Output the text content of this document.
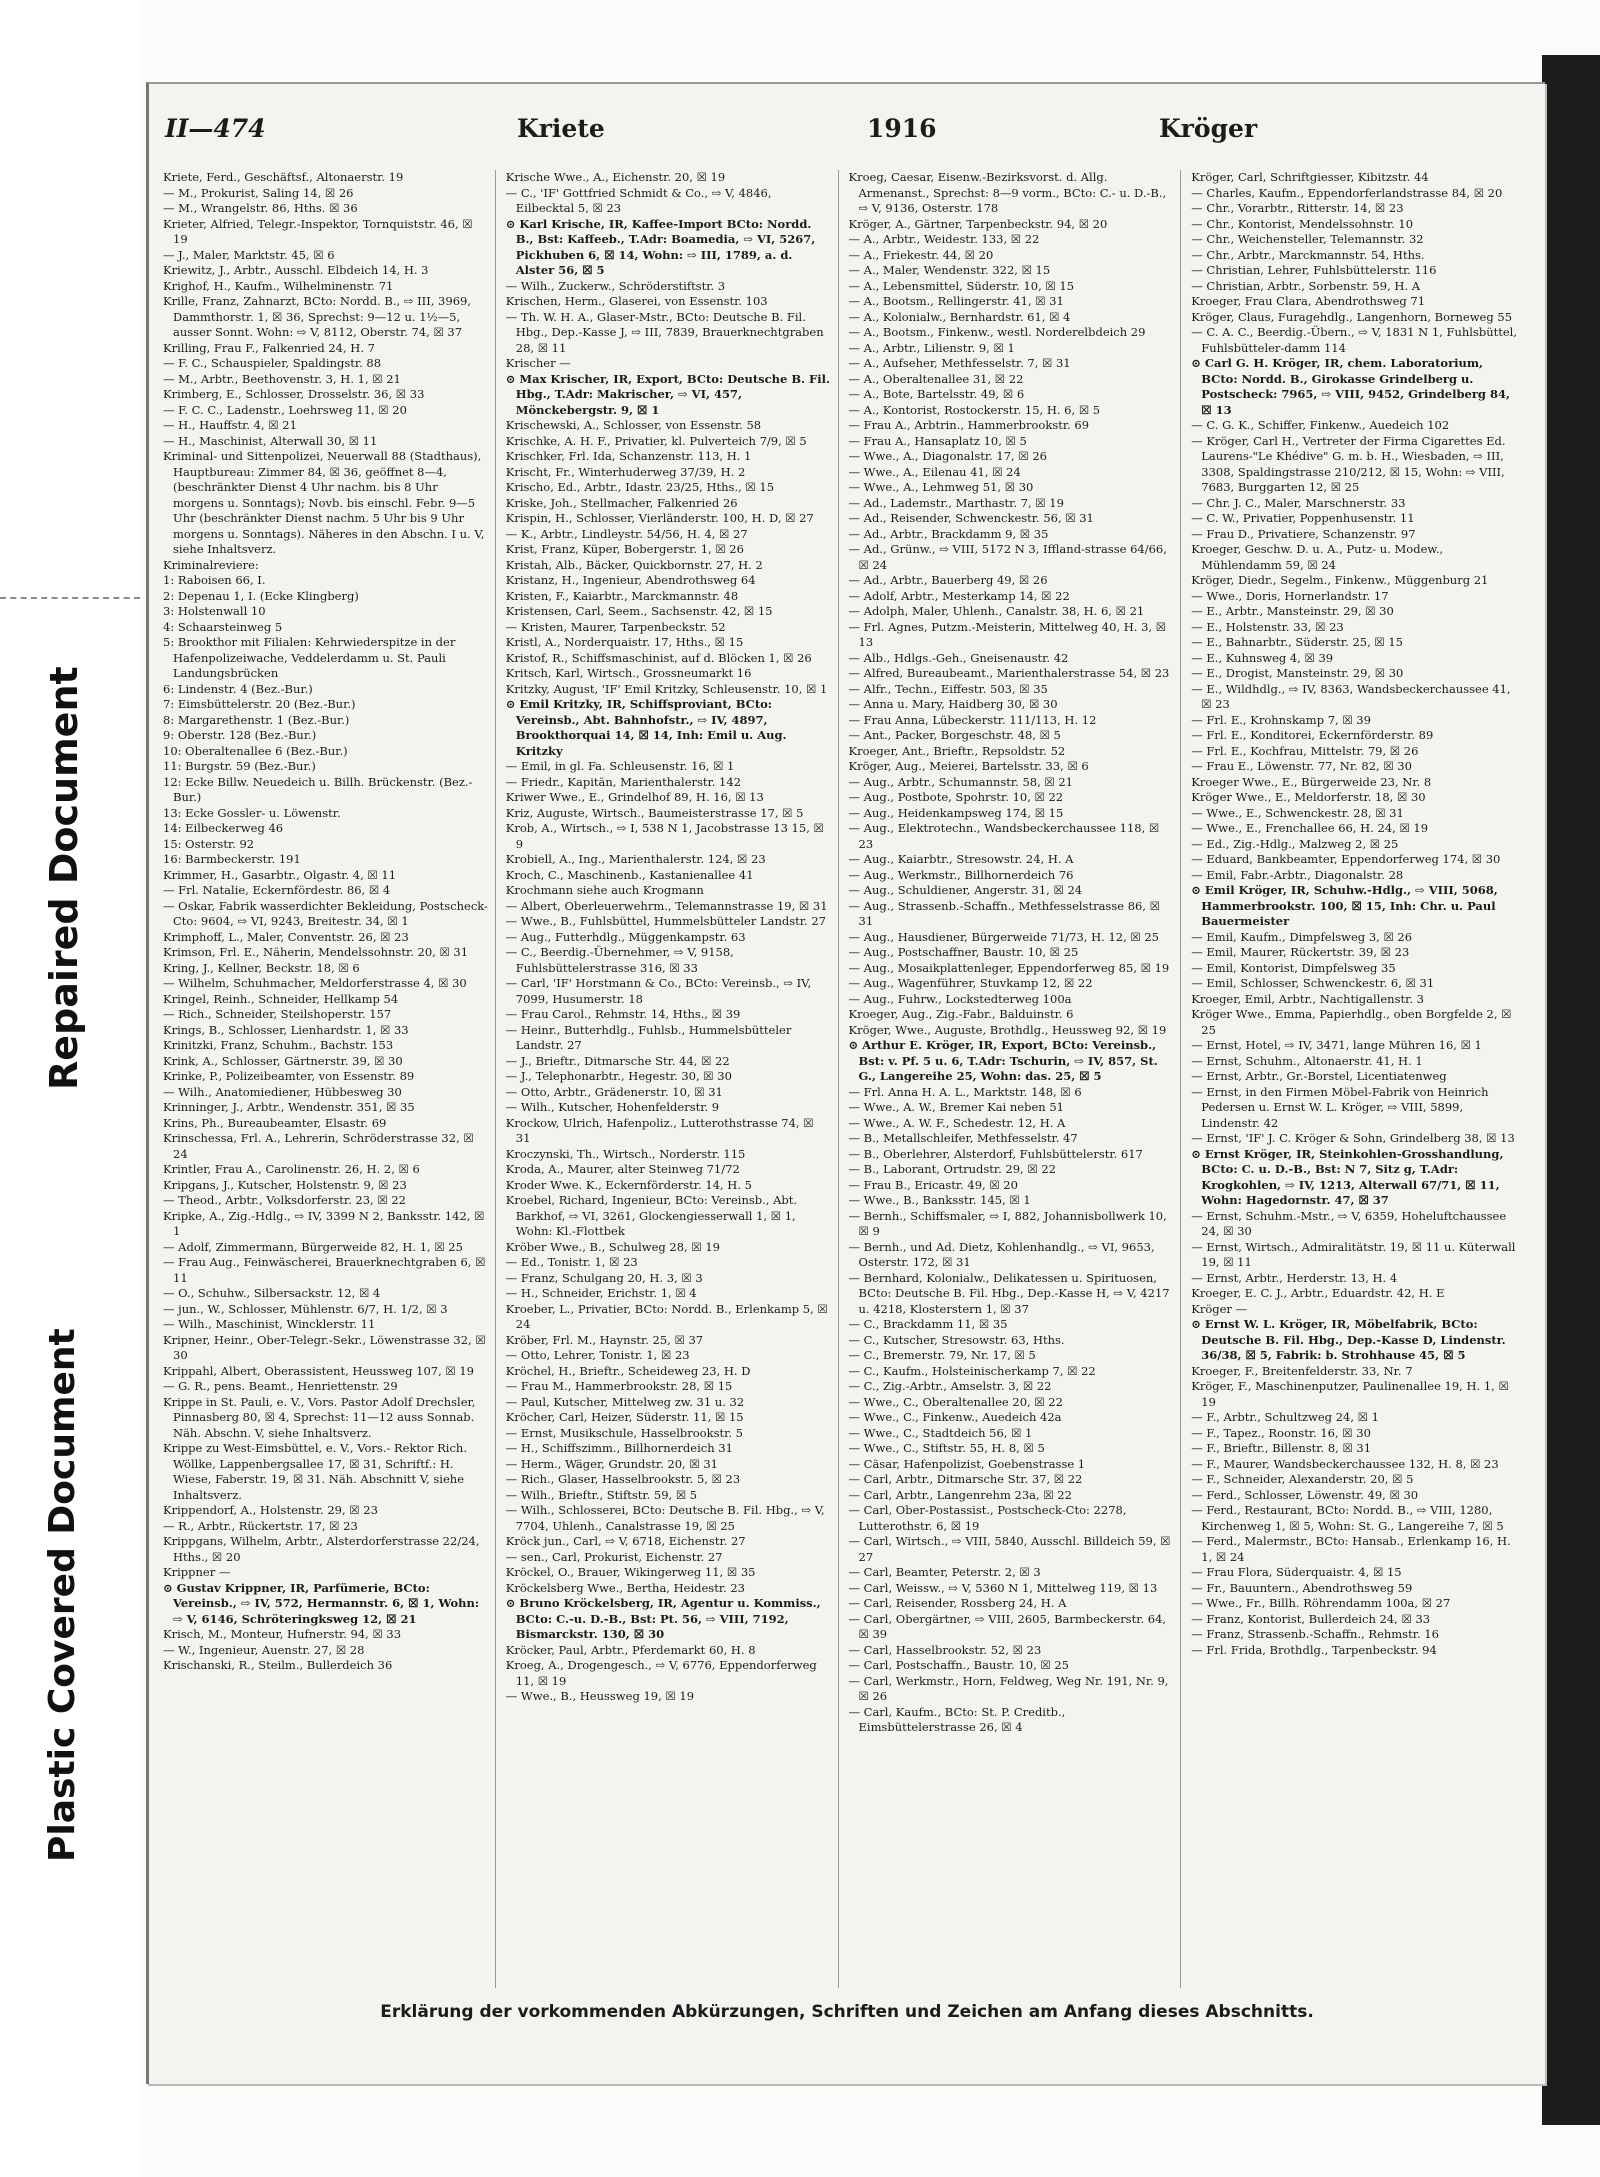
Repaired Document
Plastic Covered Document
II—474	Kriete	1916	Kröger

Kriete, Ferd., Geschäftsf., Altonaerstr. 19

— M., Prokurist, Saling 14, ☒ 26

— M., Wrangelstr. 86, Hths. ☒ 36

Krieter, Alfried, Telegr.-Inspektor, Tornquiststr. 46, ☒ 19

— J., Maler, Marktstr. 45, ☒ 6

Kriewitz, J., Arbtr., Ausschl. Elbdeich 14, H. 3

Krighof, H., Kaufm., Wilhelminenstr. 71

Krille, Franz, Zahnarzt, BCto: Nordd. B., ⇨ III, 3969, Dammthorstr. 1, ☒ 36, Sprechst: 9—12 u. 1½—5, ausser Sonnt. Wohn: ⇨ V, 8112, Oberstr. 74, ☒ 37

Krilling, Frau F., Falkenried 24, H. 7

— F. C., Schauspieler, Spaldingstr. 88

— M., Arbtr., Beethovenstr. 3, H. 1, ☒ 21

Krimberg, E., Schlosser, Drosselstr. 36, ☒ 33

— F. C. C., Ladenstr., Loehrsweg 11, ☒ 20

— H., Hauffstr. 4, ☒ 21

— H., Maschinist, Alterwall 30, ☒ 11

Kriminal- und Sittenpolizei, Neuerwall 88 (Stadthaus), Hauptbureau: Zimmer 84, ☒ 36, geöffnet 8—4, (beschränkter Dienst 4 Uhr nachm. bis 8 Uhr morgens u. Sonntags); Novb. bis einschl. Febr. 9—5 Uhr (beschränkter Dienst nachm. 5 Uhr bis 9 Uhr morgens u. Sonntags). Näheres in den Abschn. I u. V, siehe Inhaltsverz.

Kriminalreviere:

1: Raboisen 66, I.

2: Depenau 1, I. (Ecke Klingberg)

3: Holstenwall 10

4: Schaarsteinweg 5

5: Brookthor mit Filialen: Kehrwiederspitze in der Hafenpolizeiwache, Veddelerdamm u. St. Pauli Landungsbrücken

6: Lindenstr. 4 (Bez.-Bur.)

7: Eimsbüttelerstr. 20 (Bez.-Bur.)

8: Margarethenstr. 1 (Bez.-Bur.)

9: Oberstr. 128 (Bez.-Bur.)

10: Oberaltenallee 6 (Bez.-Bur.)

11: Burgstr. 59 (Bez.-Bur.)

12: Ecke Billw. Neuedeich u. Billh. Brückenstr. (Bez.-Bur.)

13: Ecke Gossler- u. Löwenstr.

14: Eilbeckerweg 46

15: Osterstr. 92

16: Barmbeckerstr. 191

Krimmer, H., Gasarbtr., Olgastr. 4, ☒ 11

— Frl. Natalie, Eckernfördestr. 86, ☒ 4

— Oskar, Fabrik wasserdichter Bekleidung, Postscheck-Cto: 9604, ⇨ VI, 9243, Breitestr. 34, ☒ 1

Krimphoff, L., Maler, Conventstr. 26, ☒ 23

Krimson, Frl. E., Näherin, Mendelssohnstr. 20, ☒ 31

Kring, J., Kellner, Beckstr. 18, ☒ 6

— Wilhelm, Schuhmacher, Meldorferstrasse 4, ☒ 30

Kringel, Reinh., Schneider, Hellkamp 54

— Rich., Schneider, Steilshoperstr. 157

Krings, B., Schlosser, Lienhardstr. 1, ☒ 33

Krinitzki, Franz, Schuhm., Bachstr. 153

Krink, A., Schlosser, Gärtnerstr. 39, ☒ 30

Krinke, P., Polizeibeamter, von Essenstr. 89

— Wilh., Anatomiediener, Hübbesweg 30

Krinninger, J., Arbtr., Wendenstr. 351, ☒ 35

Krins, Ph., Bureaubeamter, Elsastr. 69

Krinschessa, Frl. A., Lehrerin, Schröderstrasse 32, ☒ 24

Krintler, Frau A., Carolinenstr. 26, H. 2, ☒ 6

Kripgans, J., Kutscher, Holstenstr. 9, ☒ 23

— Theod., Arbtr., Volksdorferstr. 23, ☒ 22

Kripke, A., Zig.-Hdlg., ⇨ IV, 3399 N 2, Banksstr. 142, ☒ 1

— Adolf, Zimmermann, Bürgerweide 82, H. 1, ☒ 25

— Frau Aug., Feinwäscherei, Brauerknechtgraben 6, ☒ 11

— O., Schuhw., Silbersackstr. 12, ☒ 4

— jun., W., Schlosser, Mühlenstr. 6/7, H. 1/2, ☒ 3

— Wilh., Maschinist, Wincklerstr. 11

Kripner, Heinr., Ober-Telegr.-Sekr., Löwenstrasse 32, ☒ 30

Krippahl, Albert, Oberassistent, Heussweg 107, ☒ 19

— G. R., pens. Beamt., Henriettenstr. 29

Krippe in St. Pauli, e. V., Vors. Pastor Adolf Drechsler, Pinnasberg 80, ☒ 4, Sprechst: 11—12 auss Sonnab. Näh. Abschn. V, siehe Inhaltsverz.

Krippe zu West-Eimsbüttel, e. V., Vors.- Rektor Rich. Wöllke, Lappenbergsallee 17, ☒ 31, Schriftf.: H. Wiese, Faberstr. 19, ☒ 31. Näh. Abschnitt V, siehe Inhaltsverz.

Krippendorf, A., Holstenstr. 29, ☒ 23

— R., Arbtr., Rückertstr. 17, ☒ 23

Krippgans, Wilhelm, Arbtr., Alsterdorferstrasse 22/24, Hths., ☒ 20

Krippner —

⊙ Gustav Krippner, IR, Parfümerie, BCto: Vereinsb., ⇨ IV, 572, Hermannstr. 6, ☒ 1, Wohn: ⇨ V, 6146, Schröteringksweg 12, ☒ 21

Krisch, M., Monteur, Hufnerstr. 94, ☒ 33

— W., Ingenieur, Auenstr. 27, ☒ 28

Krischanski, R., Steilm., Bullerdeich 36

Krische Wwe., A., Eichenstr. 20, ☒ 19

— C., 'IF' Gottfried Schmidt & Co., ⇨ V, 4846, Eilbecktal 5, ☒ 23

⊙ Karl Krische, IR, Kaffee-Import BCto: Nordd. B., Bst: Kaffeeb., T.Adr: Boamedia, ⇨ VI, 5267, Pickhuben 6, ☒ 14, Wohn: ⇨ III, 1789, a. d. Alster 56, ☒ 5

— Wilh., Zuckerw., Schröderstiftstr. 3

Krischen, Herm., Glaserei, von Essenstr. 103

— Th. W. H. A., Glaser-Mstr., BCto: Deutsche B. Fil. Hbg., Dep.-Kasse J, ⇨ III, 7839, Brauerknechtgraben 28, ☒ 11

Krischer —

⊙ Max Krischer, IR, Export, BCto: Deutsche B. Fil. Hbg., T.Adr: Makrischer, ⇨ VI, 457, Mönckebergstr. 9, ☒ 1

Krischewski, A., Schlosser, von Essenstr. 58

Krischke, A. H. F., Privatier, kl. Pulverteich 7/9, ☒ 5

Krischker, Frl. Ida, Schanzenstr. 113, H. 1

Krischt, Fr., Winterhuderweg 37/39, H. 2

Krischo, Ed., Arbtr., Idastr. 23/25, Hths., ☒ 15

Kriske, Joh., Stellmacher, Falkenried 26

Krispin, H., Schlosser, Vierländerstr. 100, H. D, ☒ 27

— K., Arbtr., Lindleystr. 54/56, H. 4, ☒ 27

Krist, Franz, Küper, Bobergerstr. 1, ☒ 26

Kristah, Alb., Bäcker, Quickbornstr. 27, H. 2

Kristanz, H., Ingenieur, Abendrothsweg 64

Kristen, F., Kaiarbtr., Marckmannstr. 48

Kristensen, Carl, Seem., Sachsenstr. 42, ☒ 15

— Kristen, Maurer, Tarpenbeckstr. 52

Kristl, A., Norderquaistr. 17, Hths., ☒ 15

Kristof, R., Schiffsmaschinist, auf d. Blöcken 1, ☒ 26

Kritsch, Karl, Wirtsch., Grossneumarkt 16

Kritzky, August, 'IF' Emil Kritzky, Schleusenstr. 10, ☒ 1

⊙ Emil Kritzky, IR, Schiffsproviant, BCto: Vereinsb., Abt. Bahnhofstr., ⇨ IV, 4897, Brookthorquai 14, ☒ 14, Inh: Emil u. Aug. Kritzky

— Emil, in gl. Fa. Schleusenstr. 16, ☒ 1

— Friedr., Kapitän, Marienthalerstr. 142

Kriwer Wwe., E., Grindelhof 89, H. 16, ☒ 13

Kriz, Auguste, Wirtsch., Baumeisterstrasse 17, ☒ 5

Krob, A., Wirtsch., ⇨ I, 538 N 1, Jacobstrasse 13 15, ☒ 9

Krobiell, A., Ing., Marienthalerstr. 124, ☒ 23

Kroch, C., Maschinenb., Kastanienallee 41

Krochmann siehe auch Krogmann

— Albert, Oberleuerwehrm., Telemannstrasse 19, ☒ 31

— Wwe., B., Fuhlsbüttel, Hummelsbütteler Landstr. 27

— Aug., Futterhdlg., Müggenkampstr. 63

— C., Beerdig.-Übernehmer, ⇨ V, 9158, Fuhlsbüttelerstrasse 316, ☒ 33

— Carl, 'IF' Horstmann & Co., BCto: Vereinsb., ⇨ IV, 7099, Husumerstr. 18

— Frau Carol., Rehmstr. 14, Hths., ☒ 39

— Heinr., Butterhdlg., Fuhlsb., Hummelsbütteler Landstr. 27

— J., Brieftr., Ditmarsche Str. 44, ☒ 22

— J., Telephonarbtr., Hegestr. 30, ☒ 30

— Otto, Arbtr., Grädenerstr. 10, ☒ 31

— Wilh., Kutscher, Hohenfelderstr. 9

Krockow, Ulrich, Hafenpoliz., Lutterothstrasse 74, ☒ 31

Kroczynski, Th., Wirtsch., Norderstr. 115

Kroda, A., Maurer, alter Steinweg 71/72

Kroder Wwe. K., Eckernförderstr. 14, H. 5

Kroebel, Richard, Ingenieur, BCto: Vereinsb., Abt. Barkhof, ⇨ VI, 3261, Glockengiesserwall 1, ☒ 1, Wohn: Kl.-Flottbek

Kröber Wwe., B., Schulweg 28, ☒ 19

— Ed., Tonistr. 1, ☒ 23

— Franz, Schulgang 20, H. 3, ☒ 3

— H., Schneider, Erichstr. 1, ☒ 4

Kroeber, L., Privatier, BCto: Nordd. B., Erlenkamp 5, ☒ 24

Kröber, Frl. M., Haynstr. 25, ☒ 37

— Otto, Lehrer, Tonistr. 1, ☒ 23

Kröchel, H., Brieftr., Scheideweg 23, H. D

— Frau M., Hammerbrookstr. 28, ☒ 15

— Paul, Kutscher, Mittelweg zw. 31 u. 32

Kröcher, Carl, Heizer, Süderstr. 11, ☒ 15

— Ernst, Musikschule, Hasselbrookstr. 5

— H., Schiffszimm., Billhornerdeich 31

— Herm., Wäger, Grundstr. 20, ☒ 31

— Rich., Glaser, Hasselbrookstr. 5, ☒ 23

— Wilh., Brieftr., Stiftstr. 59, ☒ 5

— Wilh., Schlosserei, BCto: Deutsche B. Fil. Hbg., ⇨ V, 7704, Uhlenh., Canalstrasse 19, ☒ 25

Kröck jun., Carl, ⇨ V, 6718, Eichenstr. 27

— sen., Carl, Prokurist, Eichenstr. 27

Kröckel, O., Brauer, Wikingerweg 11, ☒ 35

Kröckelsberg Wwe., Bertha, Heidestr. 23

⊙ Bruno Kröckelsberg, IR, Agentur u. Kommiss., BCto: C.-u. D.-B., Bst: Pt. 56, ⇨ VIII, 7192, Bismarckstr. 130, ☒ 30

Kröcker, Paul, Arbtr., Pferdemarkt 60, H. 8

Kroeg, A., Drogengesch., ⇨ V, 6776, Eppendorferweg 11, ☒ 19

— Wwe., B., Heussweg 19, ☒ 19

Kroeg, Caesar, Eisenw.-Bezirksvorst. d. Allg. Armenanst., Sprechst: 8—9 vorm., BCto: C.- u. D.-B., ⇨ V, 9136, Osterstr. 178

Kröger, A., Gärtner, Tarpenbeckstr. 94, ☒ 20

— A., Arbtr., Weidestr. 133, ☒ 22

— A., Friekestr. 44, ☒ 20

— A., Maler, Wendenstr. 322, ☒ 15

— A., Lebensmittel, Süderstr. 10, ☒ 15

— A., Bootsm., Rellingerstr. 41, ☒ 31

— A., Kolonialw., Bernhardstr. 61, ☒ 4

— A., Bootsm., Finkenw., westl. Norderelbdeich 29

— A., Arbtr., Lilienstr. 9, ☒ 1

— A., Aufseher, Methfesselstr. 7, ☒ 31

— A., Oberaltenallee 31, ☒ 22

— A., Bote, Bartelsstr. 49, ☒ 6

— A., Kontorist, Rostockerstr. 15, H. 6, ☒ 5

— Frau A., Arbtrin., Hammerbrookstr. 69

— Frau A., Hansaplatz 10, ☒ 5

— Wwe., A., Diagonalstr. 17, ☒ 26

— Wwe., A., Eilenau 41, ☒ 24

— Wwe., A., Lehmweg 51, ☒ 30

— Ad., Lademstr., Marthastr. 7, ☒ 19

— Ad., Reisender, Schwenckestr. 56, ☒ 31

— Ad., Arbtr., Brackdamm 9, ☒ 35

— Ad., Grünw., ⇨ VIII, 5172 N 3, Iffland-strasse 64/66, ☒ 24

— Ad., Arbtr., Bauerberg 49, ☒ 26

— Adolf, Arbtr., Mesterkamp 14, ☒ 22

— Adolph, Maler, Uhlenh., Canalstr. 38, H. 6, ☒ 21

— Frl. Agnes, Putzm.-Meisterin, Mittelweg 40, H. 3, ☒ 13

— Alb., Hdlgs.-Geh., Gneisenaustr. 42

— Alfred, Bureaubeamt., Marienthalerstrasse 54, ☒ 23

— Alfr., Techn., Eiffestr. 503, ☒ 35

— Anna u. Mary, Haidberg 30, ☒ 30

— Frau Anna, Lübeckerstr. 111/113, H. 12

— Ant., Packer, Borgeschstr. 48, ☒ 5

Kroeger, Ant., Brieftr., Repsoldstr. 52

Kröger, Aug., Meierei, Bartelsstr. 33, ☒ 6

— Aug., Arbtr., Schumannstr. 58, ☒ 21

— Aug., Postbote, Spohrstr. 10, ☒ 22

— Aug., Heidenkampsweg 174, ☒ 15

— Aug., Elektrotechn., Wandsbeckerchaussee 118, ☒ 23

— Aug., Kaiarbtr., Stresowstr. 24, H. A

— Aug., Werkmstr., Billhornerdeich 76

— Aug., Schuldiener, Angerstr. 31, ☒ 24

— Aug., Strassenb.-Schaffn., Methfesselstrasse 86, ☒ 31

— Aug., Hausdiener, Bürgerweide 71/73, H. 12, ☒ 25

— Aug., Postschaffner, Baustr. 10, ☒ 25

— Aug., Mosaikplattenleger, Eppendorferweg 85, ☒ 19

— Aug., Wagenführer, Stuvkamp 12, ☒ 22

— Aug., Fuhrw., Lockstedterweg 100a

Kroeger, Aug., Zig.-Fabr., Balduinstr. 6

Kröger, Wwe., Auguste, Brothdlg., Heussweg 92, ☒ 19

⊙ Arthur E. Kröger, IR, Export, BCto: Vereinsb., Bst: v. Pf. 5 u. 6, T.Adr: Tschurin, ⇨ IV, 857, St. G., Langereihe 25, Wohn: das. 25, ☒ 5

— Frl. Anna H. A. L., Marktstr. 148, ☒ 6

— Wwe., A. W., Bremer Kai neben 51

— Wwe., A. W. F., Schedestr. 12, H. A

— B., Metallschleifer, Methfesselstr. 47

— B., Oberlehrer, Alsterdorf, Fuhlsbüttelerstr. 617

— B., Laborant, Ortrudstr. 29, ☒ 22

— Frau B., Ericastr. 49, ☒ 20

— Wwe., B., Banksstr. 145, ☒ 1

— Bernh., Schiffsmaler, ⇨ I, 882, Johannisbollwerk 10, ☒ 9

— Bernh., und Ad. Dietz, Kohlenhandlg., ⇨ VI, 9653, Osterstr. 172, ☒ 31

— Bernhard, Kolonialw., Delikatessen u. Spirituosen, BCto: Deutsche B. Fil. Hbg., Dep.-Kasse H, ⇨ V, 4217 u. 4218, Klosterstern 1, ☒ 37

— C., Brackdamm 11, ☒ 35

— C., Kutscher, Stresowstr. 63, Hths.

— C., Bremerstr. 79, Nr. 17, ☒ 5

— C., Kaufm., Holsteinischerkamp 7, ☒ 22

— C., Zig.-Arbtr., Amselstr. 3, ☒ 22

— Wwe., C., Oberaltenallee 20, ☒ 22

— Wwe., C., Finkenw., Auedeich 42a

— Wwe., C., Stadtdeich 56, ☒ 1

— Wwe., C., Stiftstr. 55, H. 8, ☒ 5

— Cäsar, Hafenpolizist, Goebenstrasse 1

— Carl, Arbtr., Ditmarsche Str. 37, ☒ 22

— Carl, Arbtr., Langenrehm 23a, ☒ 22

— Carl, Ober-Postassist., Postscheck-Cto: 2278, Lutterothstr. 6, ☒ 19

— Carl, Wirtsch., ⇨ VIII, 5840, Ausschl. Billdeich 59, ☒ 27

— Carl, Beamter, Peterstr. 2, ☒ 3

— Carl, Weissw., ⇨ V, 5360 N 1, Mittelweg 119, ☒ 13

— Carl, Reisender, Rossberg 24, H. A

— Carl, Obergärtner, ⇨ VIII, 2605, Barmbeckerstr. 64, ☒ 39

— Carl, Hasselbrookstr. 52, ☒ 23

— Carl, Postschaffn., Baustr. 10, ☒ 25

— Carl, Werkmstr., Horn, Feldweg, Weg Nr. 191, Nr. 9, ☒ 26

— Carl, Kaufm., BCto: St. P. Creditb., Eimsbüttelerstrasse 26, ☒ 4

Kröger, Carl, Schriftgiesser, Kibitzstr. 44

— Charles, Kaufm., Eppendorferlandstrasse 84, ☒ 20

— Chr., Vorarbtr., Ritterstr. 14, ☒ 23

— Chr., Kontorist, Mendelssohnstr. 10

— Chr., Weichensteller, Telemannstr. 32

— Chr., Arbtr., Marckmannstr. 54, Hths.

— Christian, Lehrer, Fuhlsbüttelerstr. 116

— Christian, Arbtr., Sorbenstr. 59, H. A

Kroeger, Frau Clara, Abendrothsweg 71

Kröger, Claus, Furagehdlg., Langenhorn, Borneweg 55

— C. A. C., Beerdig.-Übern., ⇨ V, 1831 N 1, Fuhlsbüttel, Fuhlsbütteler-damm 114

⊙ Carl G. H. Kröger, IR, chem. Laboratorium, BCto: Nordd. B., Girokasse Grindelberg u. Postscheck: 7965, ⇨ VIII, 9452, Grindelberg 84, ☒ 13

— C. G. K., Schiffer, Finkenw., Auedeich 102

— Kröger, Carl H., Vertreter der Firma Cigarettes Ed. Laurens-"Le Khédive" G. m. b. H., Wiesbaden, ⇨ III, 3308, Spaldingstrasse 210/212, ☒ 15, Wohn: ⇨ VIII, 7683, Burggarten 12, ☒ 25

— Chr. J. C., Maler, Marschnerstr. 33

— C. W., Privatier, Poppenhusenstr. 11

— Frau D., Privatiere, Schanzenstr. 97

Kroeger, Geschw. D. u. A., Putz- u. Modew., Mühlendamm 59, ☒ 24

Kröger, Diedr., Segelm., Finkenw., Müggenburg 21

— Wwe., Doris, Hornerlandstr. 17

— E., Arbtr., Mansteinstr. 29, ☒ 30

— E., Holstenstr. 33, ☒ 23

— E., Bahnarbtr., Süderstr. 25, ☒ 15

— E., Kuhnsweg 4, ☒ 39

— E., Drogist, Mansteinstr. 29, ☒ 30

— E., Wildhdlg., ⇨ IV, 8363, Wandsbeckerchaussee 41, ☒ 23

— Frl. E., Krohnskamp 7, ☒ 39

— Frl. E., Konditorei, Eckernförderstr. 89

— Frl. E., Kochfrau, Mittelstr. 79, ☒ 26

— Frau E., Löwenstr. 77, Nr. 82, ☒ 30

Kroeger Wwe., E., Bürgerweide 23, Nr. 8

Kröger Wwe., E., Meldorferstr. 18, ☒ 30

— Wwe., E., Schwenckestr. 28, ☒ 31

— Wwe., E., Frenchallee 66, H. 24, ☒ 19

— Ed., Zig.-Hdlg., Malzweg 2, ☒ 25

— Eduard, Bankbeamter, Eppendorferweg 174, ☒ 30

— Emil, Fabr.-Arbtr., Diagonalstr. 28

⊙ Emil Kröger, IR, Schuhw.-Hdlg., ⇨ VIII, 5068, Hammerbrookstr. 100, ☒ 15, Inh: Chr. u. Paul Bauermeister

— Emil, Kaufm., Dimpfelsweg 3, ☒ 26

— Emil, Maurer, Rückertstr. 39, ☒ 23

— Emil, Kontorist, Dimpfelsweg 35

— Emil, Schlosser, Schwenckestr. 6, ☒ 31

Kroeger, Emil, Arbtr., Nachtigallenstr. 3

Kröger Wwe., Emma, Papierhdlg., oben Borgfelde 2, ☒ 25

— Ernst, Hotel, ⇨ IV, 3471, lange Mühren 16, ☒ 1

— Ernst, Schuhm., Altonaerstr. 41, H. 1

— Ernst, Arbtr., Gr.-Borstel, Licentiatenweg

— Ernst, in den Firmen Möbel-Fabrik von Heinrich Pedersen u. Ernst W. L. Kröger, ⇨ VIII, 5899, Lindenstr. 42

— Ernst, 'IF' J. C. Kröger & Sohn, Grindelberg 38, ☒ 13

⊙ Ernst Kröger, IR, Steinkohlen-Grosshandlung, BCto: C. u. D.-B., Bst: N 7, Sitz g, T.Adr: Krogkohlen, ⇨ IV, 1213, Alterwall 67/71, ☒ 11, Wohn: Hagedornstr. 47, ☒ 37

— Ernst, Schuhm.-Mstr., ⇨ V, 6359, Hoheluftchaussee 24, ☒ 30

— Ernst, Wirtsch., Admiralitätstr. 19, ☒ 11 u. Küterwall 19, ☒ 11

— Ernst, Arbtr., Herderstr. 13, H. 4

Kroeger, E. C. J., Arbtr., Eduardstr. 42, H. E

Kröger —

⊙ Ernst W. L. Kröger, IR, Möbelfabrik, BCto: Deutsche B. Fil. Hbg., Dep.-Kasse D, Lindenstr. 36/38, ☒ 5, Fabrik: b. Strohhause 45, ☒ 5

Kroeger, F., Breitenfelderstr. 33, Nr. 7

Kröger, F., Maschinenputzer, Paulinenallee 19, H. 1, ☒ 19

— F., Arbtr., Schultzweg 24, ☒ 1

— F., Tapez., Roonstr. 16, ☒ 30

— F., Brieftr., Billenstr. 8, ☒ 31

— F., Maurer, Wandsbeckerchaussee 132, H. 8, ☒ 23

— F., Schneider, Alexanderstr. 20, ☒ 5

— Ferd., Schlosser, Löwenstr. 49, ☒ 30

— Ferd., Restaurant, BCto: Nordd. B., ⇨ VIII, 1280, Kirchenweg 1, ☒ 5, Wohn: St. G., Langereihe 7, ☒ 5

— Ferd., Malermstr., BCto: Hansab., Erlenkamp 16, H. 1, ☒ 24

— Frau Flora, Süderquaistr. 4, ☒ 15

— Fr., Bauuntern., Abendrothsweg 59

— Wwe., Fr., Billh. Röhrendamm 100a, ☒ 27

— Franz, Kontorist, Bullerdeich 24, ☒ 33

— Franz, Strassenb.-Schaffn., Rehmstr. 16

— Frl. Frida, Brothdlg., Tarpenbeckstr. 94

Erklärung der vorkommenden Abkürzungen, Schriften und Zeichen am Anfang dieses Abschnitts.
